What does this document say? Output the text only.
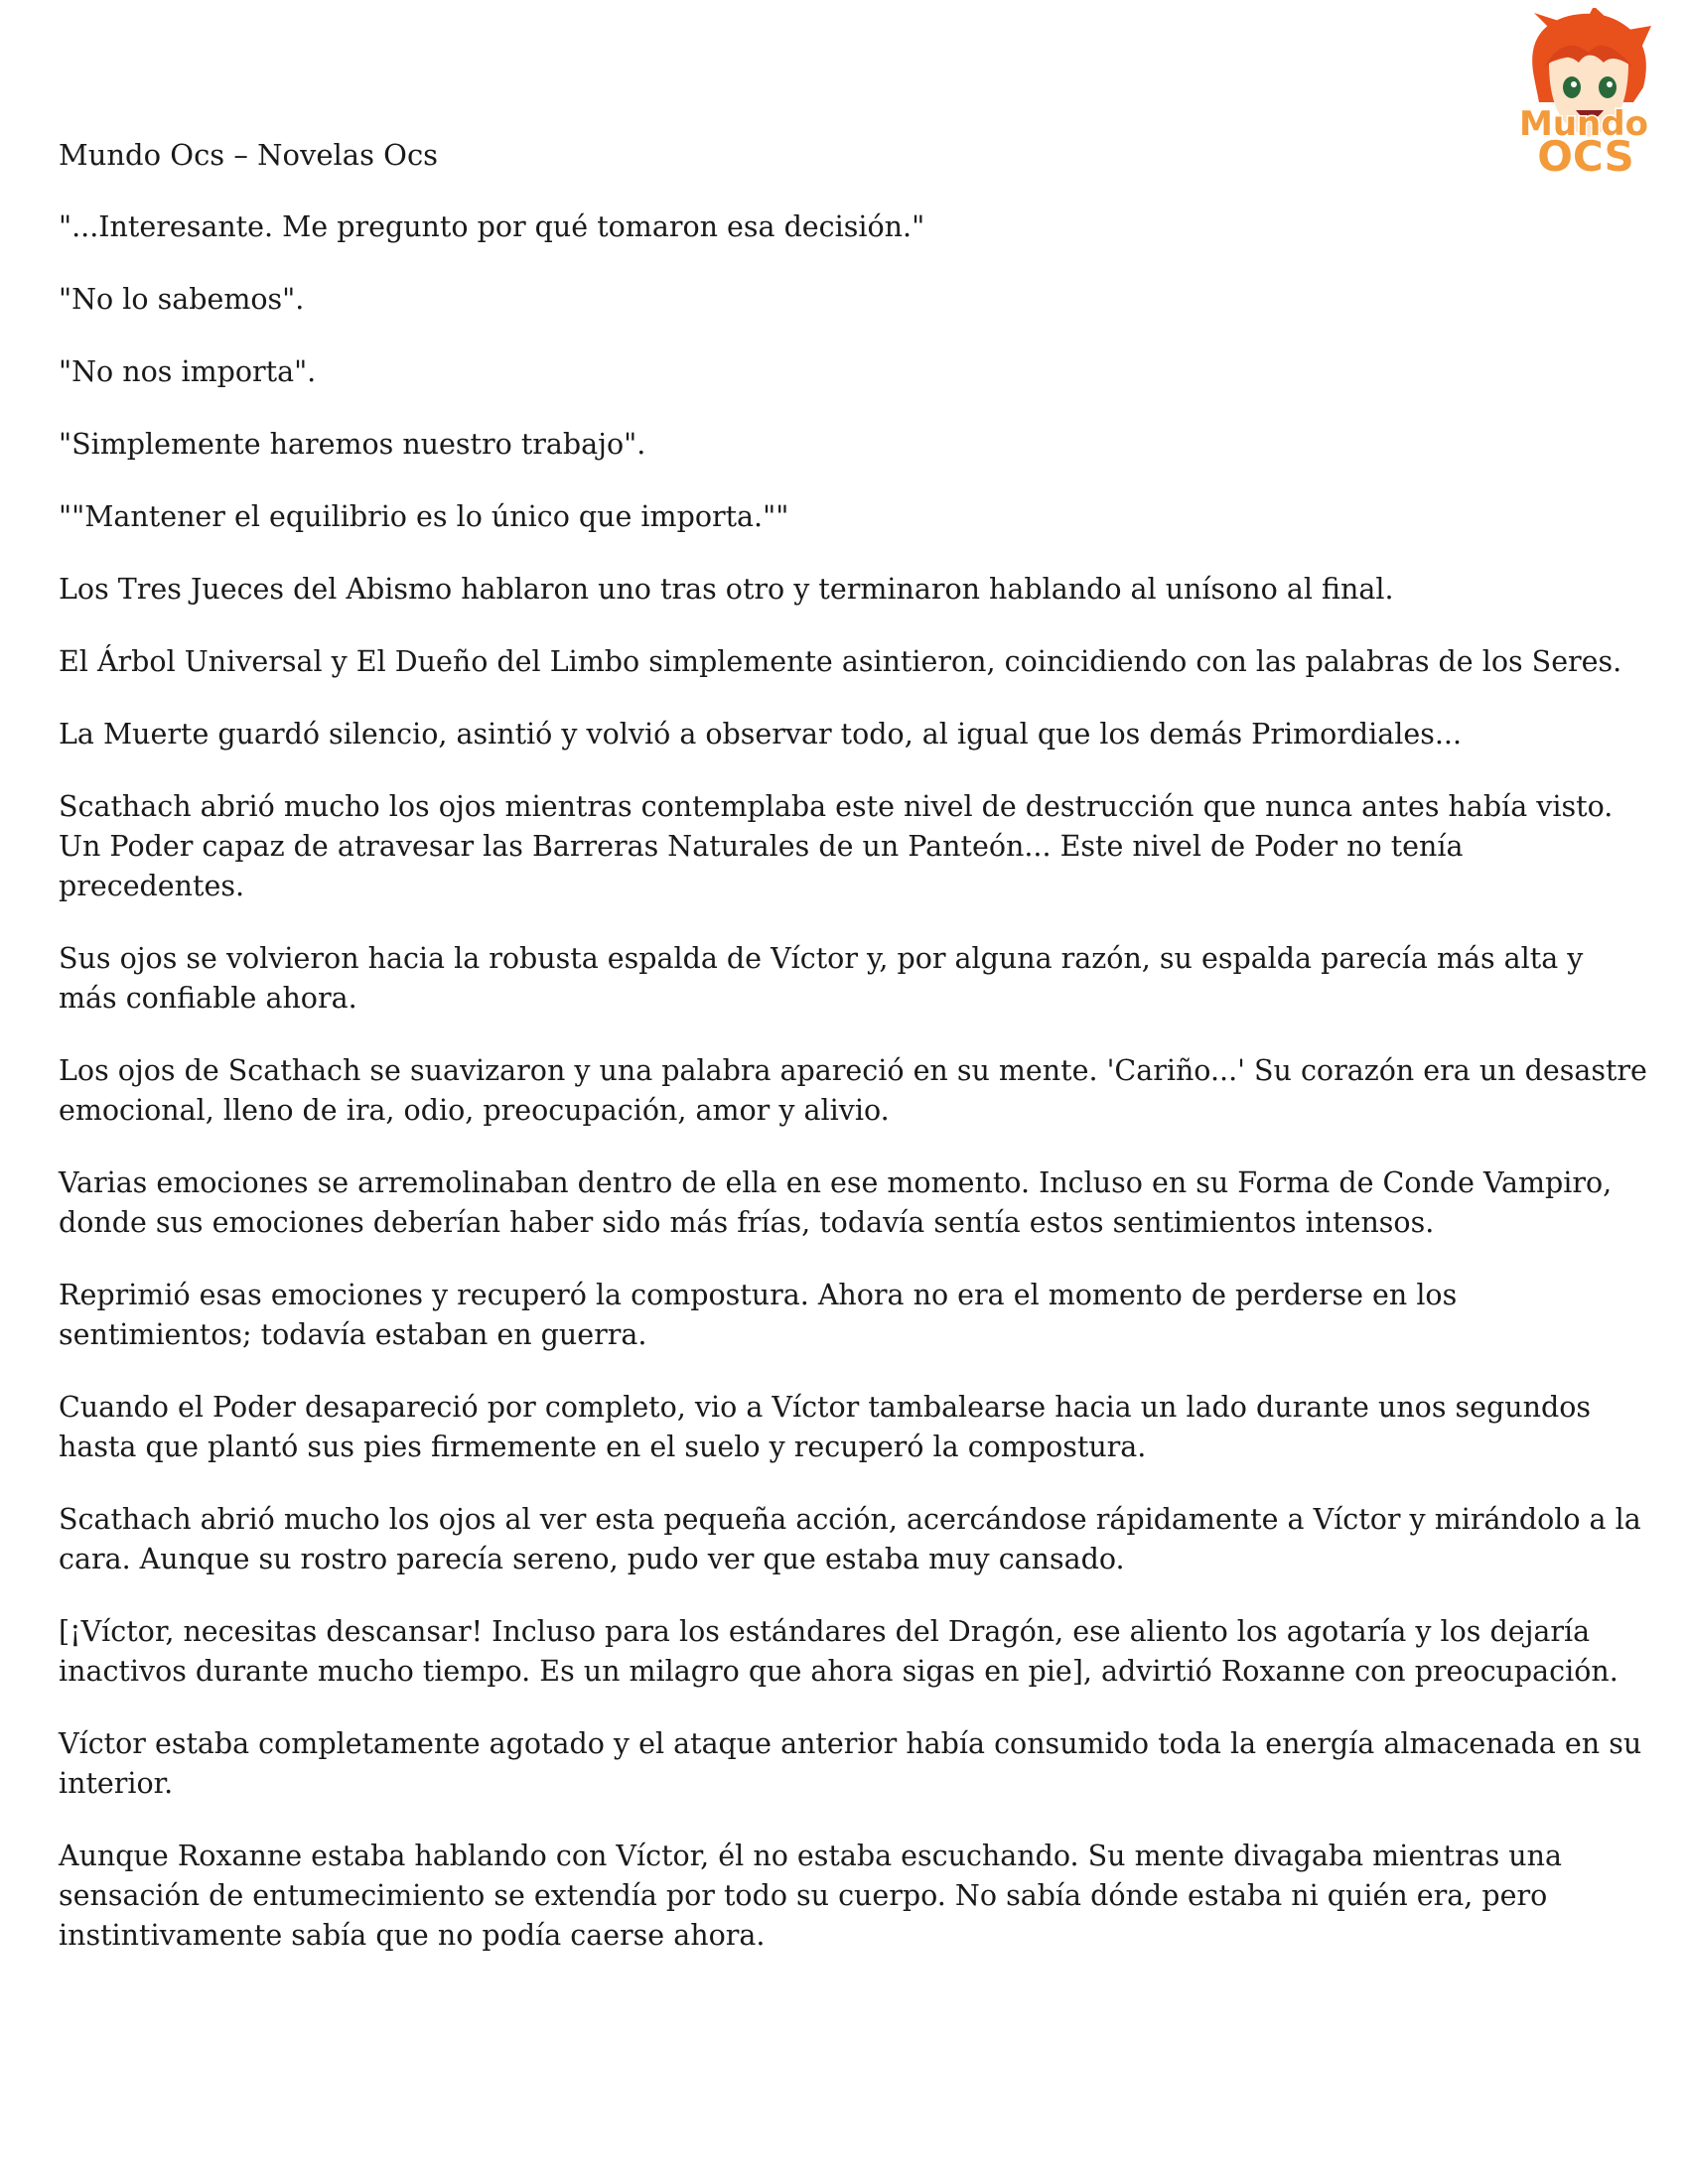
Mundo
OCS
Mundo Ocs – Novelas Ocs

"...Interesante. Me pregunto por qué tomaron esa decisión."

"No lo sabemos".

"No nos importa".

"Simplemente haremos nuestro trabajo".

""Mantener el equilibrio es lo único que importa.""

Los Tres Jueces del Abismo hablaron uno tras otro y terminaron hablando al unísono al final.

El Árbol Universal y El Dueño del Limbo simplemente asintieron, coincidiendo con las palabras de los Seres.

La Muerte guardó silencio, asintió y volvió a observar todo, al igual que los demás Primordiales...

Scathach abrió mucho los ojos mientras contemplaba este nivel de destrucción que nunca antes había visto. Un Poder capaz de atravesar las Barreras Naturales de un Panteón... Este nivel de Poder no tenía precedentes.

Sus ojos se volvieron hacia la robusta espalda de Víctor y, por alguna razón, su espalda parecía más alta y más confiable ahora.

Los ojos de Scathach se suavizaron y una palabra apareció en su mente. 'Cariño...' Su corazón era un desastre emocional, lleno de ira, odio, preocupación, amor y alivio.

Varias emociones se arremolinaban dentro de ella en ese momento. Incluso en su Forma de Conde Vampiro, donde sus emociones deberían haber sido más frías, todavía sentía estos sentimientos intensos.

Reprimió esas emociones y recuperó la compostura. Ahora no era el momento de perderse en los sentimientos; todavía estaban en guerra.

Cuando el Poder desapareció por completo, vio a Víctor tambalearse hacia un lado durante unos segundos hasta que plantó sus pies firmemente en el suelo y recuperó la compostura.

Scathach abrió mucho los ojos al ver esta pequeña acción, acercándose rápidamente a Víctor y mirándolo a la cara. Aunque su rostro parecía sereno, pudo ver que estaba muy cansado.

[¡Víctor, necesitas descansar! Incluso para los estándares del Dragón, ese aliento los agotaría y los dejaría inactivos durante mucho tiempo. Es un milagro que ahora sigas en pie], advirtió Roxanne con preocupación.

Víctor estaba completamente agotado y el ataque anterior había consumido toda la energía almacenada en su interior.

Aunque Roxanne estaba hablando con Víctor, él no estaba escuchando. Su mente divagaba mientras una sensación de entumecimiento se extendía por todo su cuerpo. No sabía dónde estaba ni quién era, pero instintivamente sabía que no podía caerse ahora.
